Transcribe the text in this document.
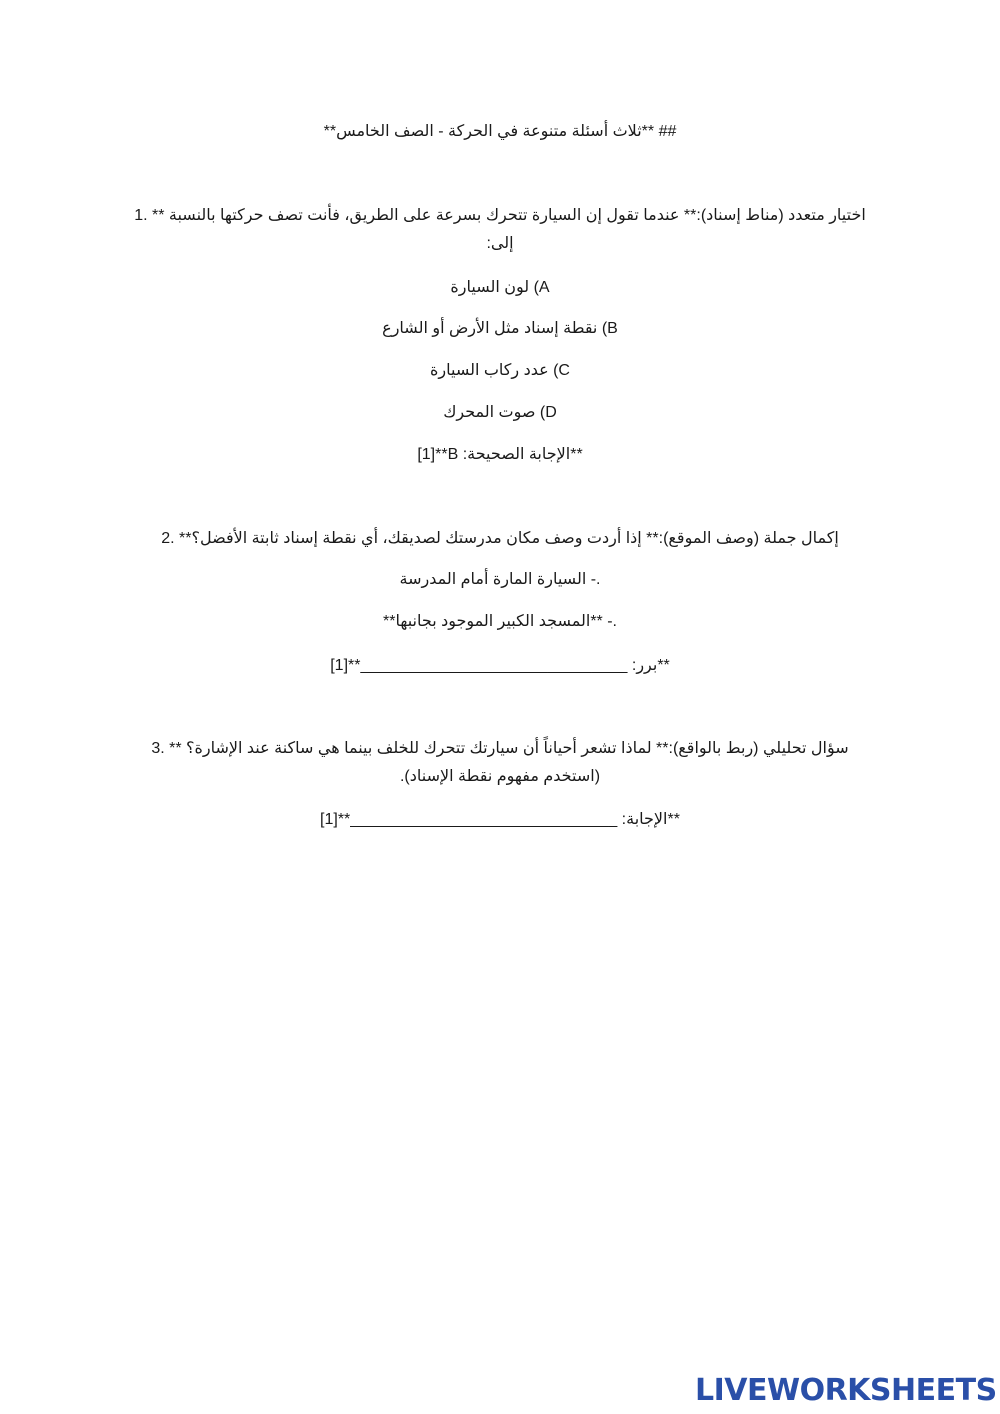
**ثلاث أسئلة متنوعة في الحركة - الصف الخامس** ##
اختيار متعدد (مناط إسناد):** عندما تقول إن السيارة تتحرك بسرعة على الطريق، فأنت تصف حركتها بالنسبة ** .1
:إلى
لون السيارة (A
نقطة إسناد مثل الأرض أو الشارع (B
عدد ركاب السيارة (C
صوت المحرك (D
[1]**B :الإجابة الصحيحة**
إكمال جملة (وصف الموقع):** إذا أردت وصف مكان مدرستك لصديقك، أي نقطة إسناد ثابتة الأفضل؟** .2
السيارة المارة أمام المدرسة -.
**المسجد الكبير الموجود بجانبها** -.
[1]**______________________________ :برر**
سؤال تحليلي (ربط بالواقع):** لماذا تشعر أحياناً أن سيارتك تتحرك للخلف بينما هي ساكنة عند الإشارة؟ ** .3
.(استخدم مفهوم نقطة الإسناد)
[1]**______________________________ :الإجابة**
LIVEWORKSHEETS
